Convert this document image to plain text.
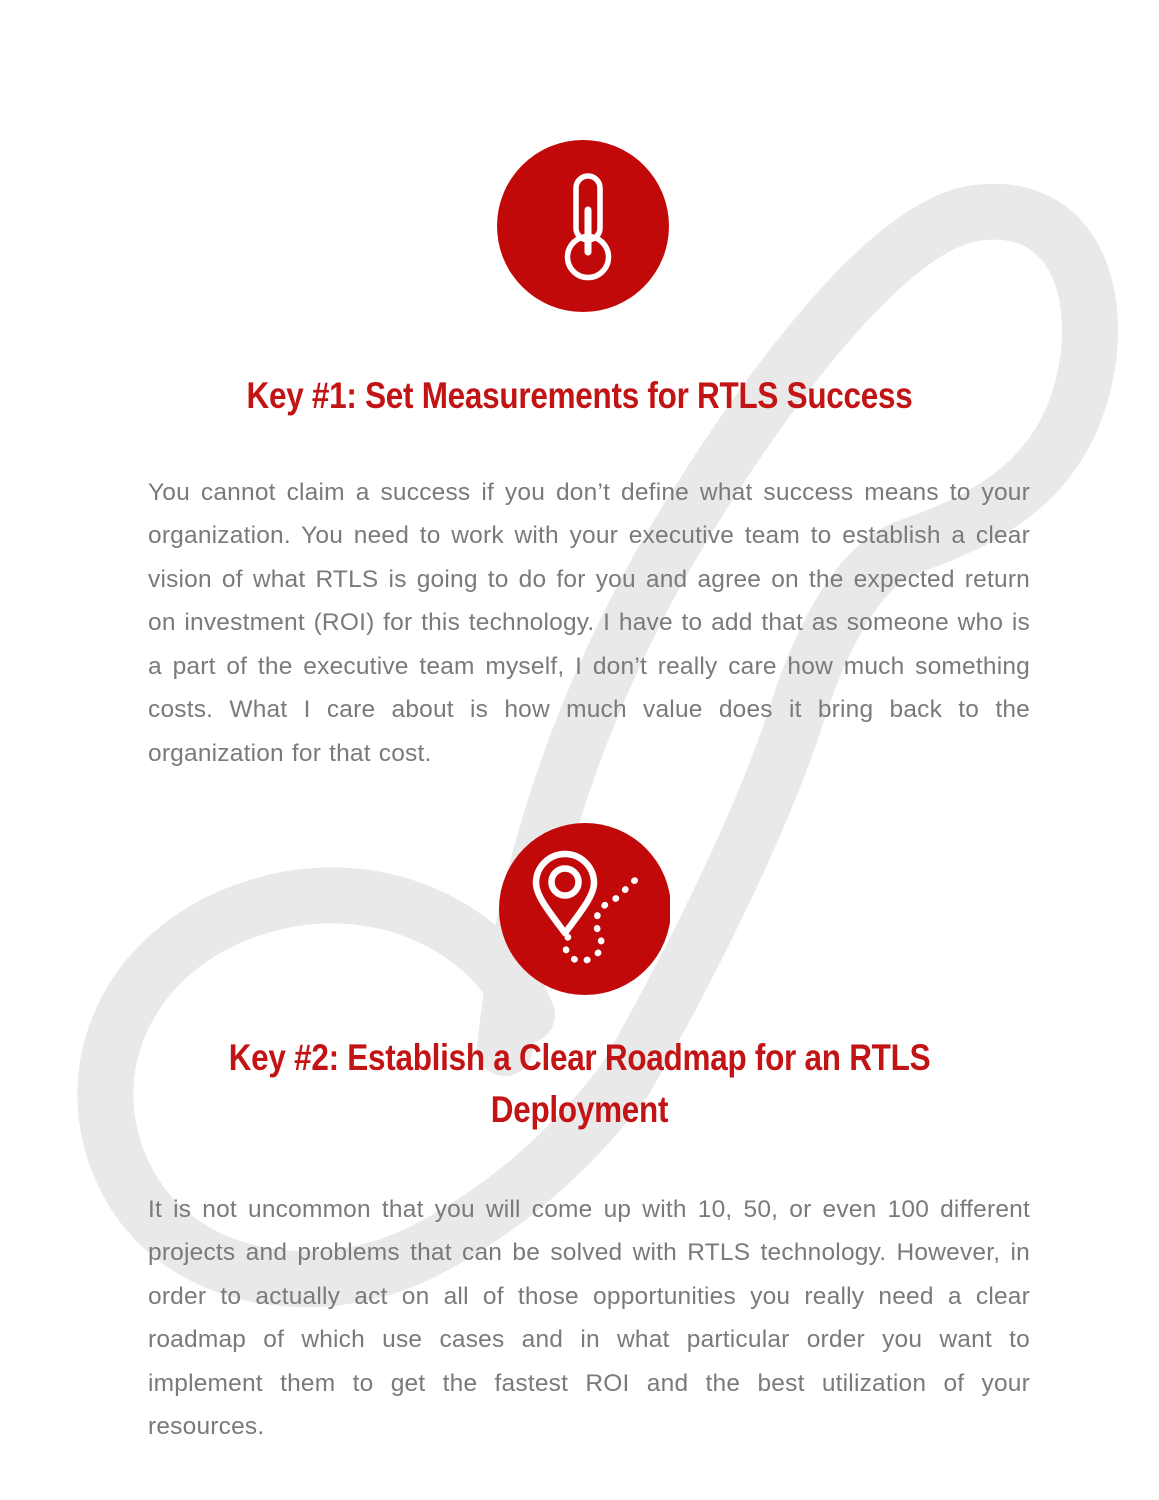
Key #1: Set Measurements for RTLS Success

You cannot claim a success if you don’t define what success means to your organization. You need to work with your executive team to establish a clear vision of what RTLS is going to do for you and agree on the expected return on investment (ROI) for this technology. I have to add that as someone who is a part of the executive team myself, I don’t really care how much something costs. What I care about is how much value does it bring back to the organization for that cost.

Key #2: Establish a Clear Roadmap for an RTLS
Deployment

It is not uncommon that you will come up with 10, 50, or even 100 different projects and problems that can be solved with RTLS technology. However, in order to actually act on all of those opportunities you really need a clear roadmap of which use cases and in what particular order you want to implement them to get the fastest ROI and the best utilization of your resources.
